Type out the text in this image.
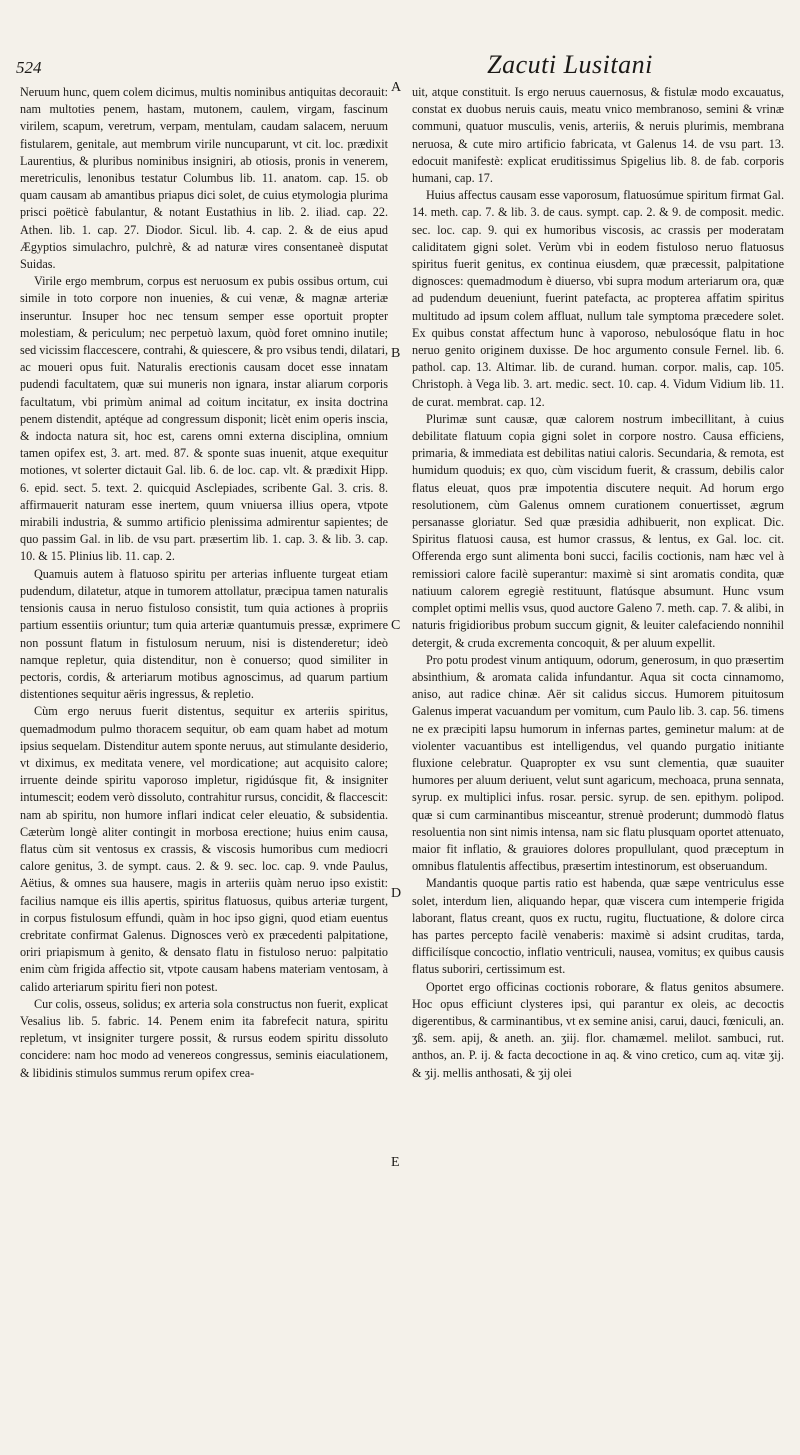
524	Zacuti Lusitani

Neruum hunc, quem colem dicimus, multis nominibus antiquitas decorauit: nam multoties penem, hastam, mutonem, caulem, virgam, fascinum virilem, scapum, veretrum, verpam, mentulam, caudam salacem, neruum fistularem, genitale, aut membrum virile nuncuparunt, vt cit. loc. prædixit Laurentius, & pluribus nominibus insigniri, ab otiosis, pronis in venerem, meretriculis, lenonibus testatur Columbus lib. 11. anatom. cap. 15. ob quam causam ab amantibus priapus dici solet, de cuius etymologia plurima prisci poëticè fabulantur, & notant Eustathius in lib. 2. iliad. cap. 22. Athen. lib. 1. cap. 27. Diodor. Sicul. lib. 4. cap. 2. & de eius apud Ægyptios simulachro, pulchrè, & ad naturæ vires consentaneè disputat Suidas.

Virile ergo membrum, corpus est neruosum ex pubis ossibus ortum, cui simile in toto corpore non inuenies, & cui venæ, & magnæ arteriæ inseruntur. Insuper hoc nec tensum semper esse oportuit propter molestiam, & periculum; nec perpetuò laxum, quòd foret omnino inutile; sed vicissim flaccescere, contrahi, & quiescere, & pro vsibus tendi, dilatari, ac moueri opus fuit. Naturalis erectionis causam docet esse innatam pudendi facultatem, quæ sui muneris non ignara, instar aliarum corporis facultatum, vbi primùm animal ad coitum incitatur, ex insita doctrina penem distendit, aptéque ad congressum disponit; licèt enim operis inscia, & indocta natura sit, hoc est, carens omni externa disciplina, omnium tamen opifex est, 3. art. med. 87. & sponte suas inuenit, atque exequitur motiones, vt solerter dictauit Gal. lib. 6. de loc. cap. vlt. & prædixit Hipp. 6. epid. sect. 5. text. 2. quicquid Asclepiades, scribente Gal. 3. cris. 8. affirmauerit naturam esse inertem, quum vniuersa illius opera, vtpote mirabili industria, & summo artificio plenissima admirentur sapientes; de quo passim Gal. in lib. de vsu part. præsertim lib. 1. cap. 3. & lib. 3. cap. 10. & 15. Plinius lib. 11. cap. 2.

Quamuis autem à flatuoso spiritu per arterias influente turgeat etiam pudendum, dilatetur, atque in tumorem attollatur, præcipua tamen naturalis tensionis causa in neruo fistuloso consistit, tum quia actiones à propriis partium essentiis oriuntur; tum quia arteriæ quantumuis pressæ, exprimere non possunt flatum in fistulosum neruum, nisi is distenderetur; ideò namque repletur, quia distenditur, non è conuerso; quod similiter in pectoris, cordis, & arteriarum motibus agnoscimus, ad quarum partium distentiones sequitur aëris ingressus, & repletio.

Cùm ergo neruus fuerit distentus, sequitur ex arteriis spiritus, quemadmodum pulmo thoracem sequitur, ob eam quam habet ad motum ipsius sequelam. Distenditur autem sponte neruus, aut stimulante desiderio, vt diximus, ex meditata venere, vel mordicatione; aut acquisito calore; irruente deinde spiritu vaporoso impletur, rigidúsque fit, & insigniter intumescit; eodem verò dissoluto, contrahitur rursus, concidit, & flaccescit: nam ab spiritu, non humore inflari indicat celer eleuatio, & subsidentia. Cæterùm longè aliter contingit in morbosa erectione; huius enim causa, flatus cùm sit ventosus ex crassis, & viscosis humoribus cum mediocri calore genitus, 3. de sympt. caus. 2. & 9. sec. loc. cap. 9. vnde Paulus, Aëtius, & omnes sua hausere, magis in arteriis quàm neruo ipso existit: facilius namque eis illis apertis, spiritus flatuosus, quibus arteriæ turgent, in corpus fistulosum effundi, quàm in hoc ipso gigni, quod etiam euentus crebritate confirmat Galenus. Dignosces verò ex præcedenti palpitatione, oriri priapismum à genito, & densato flatu in fistuloso neruo: palpitatio enim cùm frigida affectio sit, vtpote causam habens materiam ventosam, à calido arteriarum spiritu fieri non potest.

Cur colis, osseus, solidus; ex arteria sola constructus non fuerit, explicat Vesalius lib. 5. fabric. 14. Penem enim ita fabrefecit natura, spiritu repletum, vt insigniter turgere possit, & rursus eodem spiritu dissoluto concidere: nam hoc modo ad venereos congressus, seminis eiaculationem, & libidinis stimulos summus rerum opifex crea-

A
B
C
D
E

uit, atque constituit. Is ergo neruus cauernosus, & fistulæ modo excauatus, constat ex duobus neruis cauis, meatu vnico membranoso, semini & vrinæ communi, quatuor musculis, venis, arteriis, & neruis plurimis, membrana neruosa, & cute miro artificio fabricata, vt Galenus 14. de vsu part. 13. edocuit manifestè: explicat eruditissimus Spigelius lib. 8. de fab. corporis humani, cap. 17.

Huius affectus causam esse vaporosum, flatuosúmue spiritum firmat Gal. 14. meth. cap. 7. & lib. 3. de caus. sympt. cap. 2. & 9. de composit. medic. sec. loc. cap. 9. qui ex humoribus viscosis, ac crassis per moderatam caliditatem gigni solet. Verùm vbi in eodem fistuloso neruo flatuosus spiritus fuerit genitus, ex continua eiusdem, quæ præcessit, palpitatione dignosces: quemadmodum è diuerso, vbi supra modum arteriarum ora, quæ ad pudendum deueniunt, fuerint patefacta, ac propterea affatim spiritus multitudo ad ipsum colem affluat, nullum tale symptoma præcedere solet. Ex quibus constat affectum hunc à vaporoso, nebulosóque flatu in hoc neruo genito originem duxisse. De hoc argumento consule Fernel. lib. 6. pathol. cap. 13. Altimar. lib. de curand. human. corpor. malis, cap. 105. Christoph. à Vega lib. 3. art. medic. sect. 10. cap. 4. Vidum Vidium lib. 11. de curat. membrat. cap. 12.

Plurimæ sunt causæ, quæ calorem nostrum imbecillitant, à cuius debilitate flatuum copia gigni solet in corpore nostro. Causa efficiens, primaria, & immediata est debilitas natiui caloris. Secundaria, & remota, est humidum quoduis; ex quo, cùm viscidum fuerit, & crassum, debilis calor flatus eleuat, quos præ impotentia discutere nequit. Ad horum ergo resolutionem, cùm Galenus omnem curationem conuertisset, ægrum persanasse gloriatur. Sed quæ præsidia adhibuerit, non explicat. Dic. Spiritus flatuosi causa, est humor crassus, & lentus, ex Gal. loc. cit. Offerenda ergo sunt alimenta boni succi, facilis coctionis, nam hæc vel à remissiori calore facilè superantur: maximè si sint aromatis condita, quæ natiuum calorem egregiè restituunt, flatúsque absumunt. Hunc vsum complet optimi mellis vsus, quod auctore Galeno 7. meth. cap. 7. & alibi, in naturis frigidioribus probum succum gignit, & leuiter calefaciendo nonnihil detergit, & cruda excrementa concoquit, & per aluum expellit.

Pro potu prodest vinum antiquum, odorum, generosum, in quo præsertim absinthium, & aromata calida infundantur. Aqua sit cocta cinnamomo, aniso, aut radice chinæ. Aër sit calidus siccus. Humorem pituitosum Galenus imperat vacuandum per vomitum, cum Paulo lib. 3. cap. 56. timens ne ex præcipiti lapsu humorum in infernas partes, geminetur malum: at de violenter vacuantibus est intelligendus, vel quando purgatio initiante fluxione celebratur. Quapropter ex vsu sunt clementia, quæ suauiter humores per aluum deriuent, velut sunt agaricum, mechoaca, pruna sennata, syrup. ex multiplici infus. rosar. persic. syrup. de sen. epithym. polipod. quæ si cum carminantibus misceantur, strenuè proderunt; dummodò flatus resoluentia non sint nimis intensa, nam sic flatu plusquam oportet attenuato, maior fit inflatio, & grauiores dolores propullulant, quod præceptum in omnibus flatulentis affectibus, præsertim intestinorum, est obseruandum.

Mandantis quoque partis ratio est habenda, quæ sæpe ventriculus esse solet, interdum lien, aliquando hepar, quæ viscera cum intemperie frigida laborant, flatus creant, quos ex ructu, rugitu, fluctuatione, & dolore circa has partes percepto facilè venaberis: maximè si adsint cruditas, tarda, difficilísque concoctio, inflatio ventriculi, nausea, vomitus; ex quibus causis flatus suboriri, certissimum est.

Oportet ergo officinas coctionis roborare, & flatus genitos absumere. Hoc opus efficiunt clysteres ipsi, qui parantur ex oleis, ac decoctis digerentibus, & carminantibus, vt ex semine anisi, carui, dauci, fœniculi, an. ʒß. sem. apij, & aneth. an. ʒiij. flor. chamæmel. melilot. sambuci, rut. anthos, an. P. ij. & facta decoctione in aq. & vino cretico, cum aq. vitæ ʒij. & ʒij. mellis anthosati, & ʒij olei
